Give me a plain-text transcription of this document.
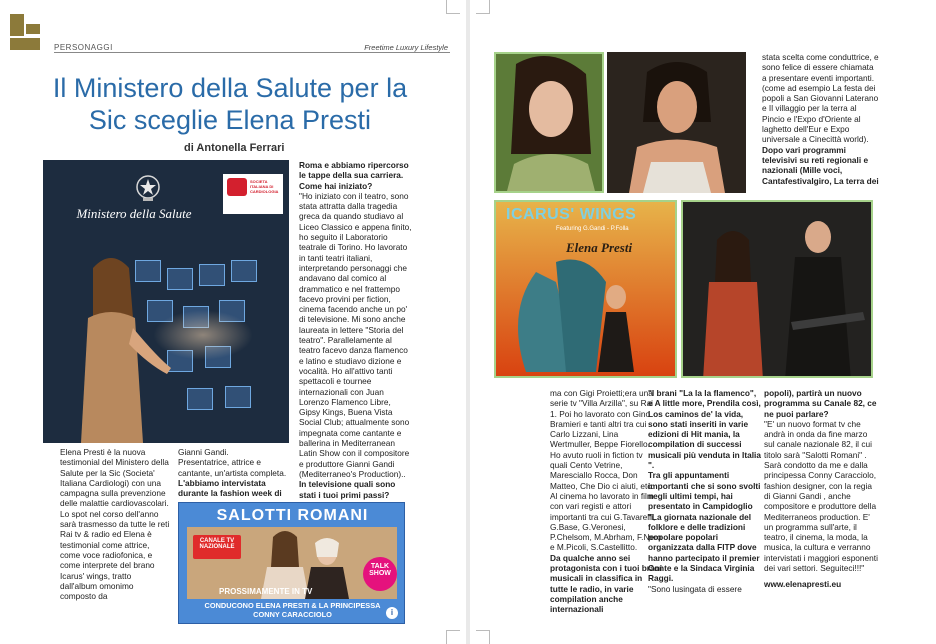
PERSONAGGI	Freetime Luxury Lifestyle
Il Ministero della Salute per la
Sic sceglie Elena Presti
di Antonella Ferrari
Ministero della Salute
SOCIETA ITALIANA DI CARDIOLOGIA

Elena Presti è la nuova testimonial del Ministero della Salute per la Sic (Societa' Italiana Cardiologi) con una campagna sulla prevenzione delle malattie cardiovascolari.

Lo spot nel corso dell'anno sarà trasmesso da tutte le reti Rai tv & radio ed Elena è testimonial come attrice, come voce radiofonica, e come interprete del brano Icarus' wings, tratto dall'album omonimo composto da

Gianni Gandi.

Presentatrice, attrice e cantante, un'artista completa.

L'abbiamo intervistata durante la fashion week di

Roma e abbiamo ripercorso le tappe della sua carriera. Come hai iniziato?

"Ho iniziato con il teatro, sono stata attratta dalla tragedia greca da quando studiavo al Liceo Classico e appena finito, ho seguito il Laboratorio teatrale di Torino. Ho lavorato in tanti teatri italiani, interpretando personaggi che andavano dal comico al drammatico e nel frattempo facevo provini per fiction, cinema facendo anche un po' di televisione. Mi sono anche laureata in lettere "Storia del teatro". Parallelamente al teatro facevo danza flamenco e latino e studiavo dizione e vocalità. Ho all'attivo tanti spettacoli e tournee internazionali con Juan Lorenzo Flamenco Libre, Gipsy Kings, Buena Vista Social Club; attualmente sono impegnata come cantante e ballerina in Mediterranean Latin Show con il compositore e produttore Gianni Gandi (Mediterraneo's Production)..

In televisione quali sono stati i tuoi primi passi?

SALOTTI ROMANI
CANALE TV NAZIONALE
TALK SHOW
PROSSIMAMENTE IN TV
CONDUCONO ELENA PRESTI & LA PRINCIPESSA
CONNY CARACCIOLO	i

stata scelta come conduttrice, e sono felice di essere chiamata a presentare eventi importanti. (come ad esempio La festa dei popoli a San Giovanni Laterano e Il villaggio per la terra al Pincio e l'Expo d'Oriente al laghetto dell'Eur e Expo universale a Cinecittà world).

Dopo vari programmi televisivi su reti regionali e nazionali (Mille voci, Cantafestivalgiro, La terra dei

ICARUS' WINGS
Featuring G.Gandi - P.Folla
Elena Presti

ma con Gigi Proietti;era una serie tv "Villa Arzilla", su Rai 1. Poi ho lavorato con Gino Bramieri e tanti altri tra cui Carlo Lizzani, Lina Wertmuller, Beppe Fiorello. Ho avuto ruoli in fiction tv quali Cento Vetrine, Maresciallo Rocca, Don Matteo, Che Dio ci aiuti, etc. Al cinema ho lavorato in film con vari registi e attori importanti tra cui G.Tavarelli, G.Base, G.Veronesi, P.Chelsom, M.Abrham, F.Nero e M.Picoli, S.Castellitto.

Da qualche anno sei protagonista con i tuoi brani musicali in classifica in tutte le radio, in varie compilation anche internazionali

"I brani "La la la flamenco", e A little more, Prendila così, Los caminos de' la vida, sono stati inseriti in varie edizioni di Hit mania, la compilation di successi musicali più venduta in Italia ".

Tra gli appuntamenti importanti che si sono svolti negli ultimi tempi, hai presentato in Campidoglio "La giornata nazionale del folklore e delle tradizioni popolare popolari organizzata dalla FITP dove hanno partecipato il premier Conte e la Sindaca Virginia Raggi.

"Sono lusingata di essere

popoli), partirà un nuovo programma su Canale 82, ce ne puoi parlare?

"E' un nuovo format tv che andrà in onda da fine marzo sul canale nazionale 82, il cui titolo sarà "Salotti Romani" . Sarà condotto da me e dalla principessa Conny Caracciolo, fashion designer, con la regia di Gianni Gandi , anche compositore e produttore della Mediterraneos production. E' un programma sull'arte, il teatro, il cinema, la moda, la musica, la cultura e verranno intervistati i maggiori esponenti dei vari settori. Seguiteci!!!"

www.elenapresti.eu
